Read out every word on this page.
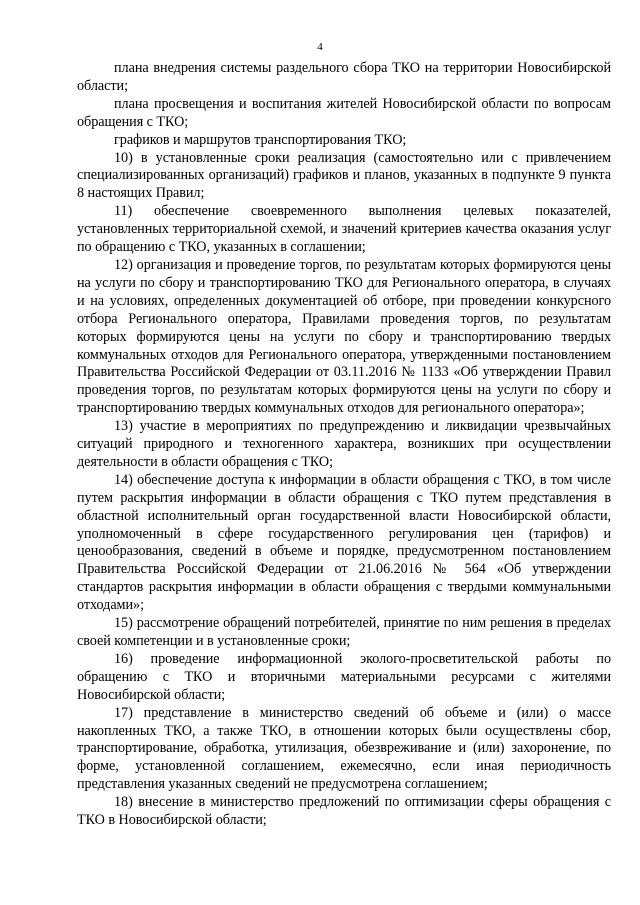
4

плана внедрения системы раздельного сбора ТКО на территории Новосибирской области;

плана просвещения и воспитания жителей Новосибирской области по вопросам обращения с ТКО;

графиков и маршрутов транспортирования ТКО;

10) в установленные сроки реализация (самостоятельно или с привлечением специализированных организаций) графиков и планов, указанных в подпункте 9 пункта 8 настоящих Правил;

11) обеспечение своевременного выполнения целевых показателей, установленных территориальной схемой, и значений критериев качества оказания услуг по обращению с ТКО, указанных в соглашении;

12) организация и проведение торгов, по результатам которых формируются цены на услуги по сбору и транспортированию ТКО для Регионального оператора, в случаях и на условиях, определенных документацией об отборе, при проведении конкурсного отбора Регионального оператора, Правилами проведения торгов, по результатам которых формируются цены на услуги по сбору и транспортированию твердых коммунальных отходов для Регионального оператора, утвержденными постановлением Правительства Российской Федерации от 03.11.2016 № 1133 «Об утверждении Правил проведения торгов, по результатам которых формируются цены на услуги по сбору и транспортированию твердых коммунальных отходов для регионального оператора»;

13) участие в мероприятиях по предупреждению и ликвидации чрезвычайных ситуаций природного и техногенного характера, возникших при осуществлении деятельности в области обращения с ТКО;

14) обеспечение доступа к информации в области обращения с ТКО, в том числе путем раскрытия информации в области обращения с ТКО путем представления в областной исполнительный орган государственной власти Новосибирской области, уполномоченный в сфере государственного регулирования цен (тарифов) и ценообразования, сведений в объеме и порядке, предусмотренном постановлением Правительства Российской Федерации от 21.06.2016 № 564 «Об утверждении стандартов раскрытия информации в области обращения с твердыми коммунальными отходами»;

15) рассмотрение обращений потребителей, принятие по ним решения в пределах своей компетенции и в установленные сроки;

16) проведение информационной эколого-просветительской работы по обращению с ТКО и вторичными материальными ресурсами с жителями Новосибирской области;

17) представление в министерство сведений об объеме и (или) о массе накопленных ТКО, а также ТКО, в отношении которых были осуществлены сбор, транспортирование, обработка, утилизация, обезвреживание и (или) захоронение, по форме, установленной соглашением, ежемесячно, если иная периодичность представления указанных сведений не предусмотрена соглашением;

18) внесение в министерство предложений по оптимизации сферы обращения с ТКО в Новосибирской области;
